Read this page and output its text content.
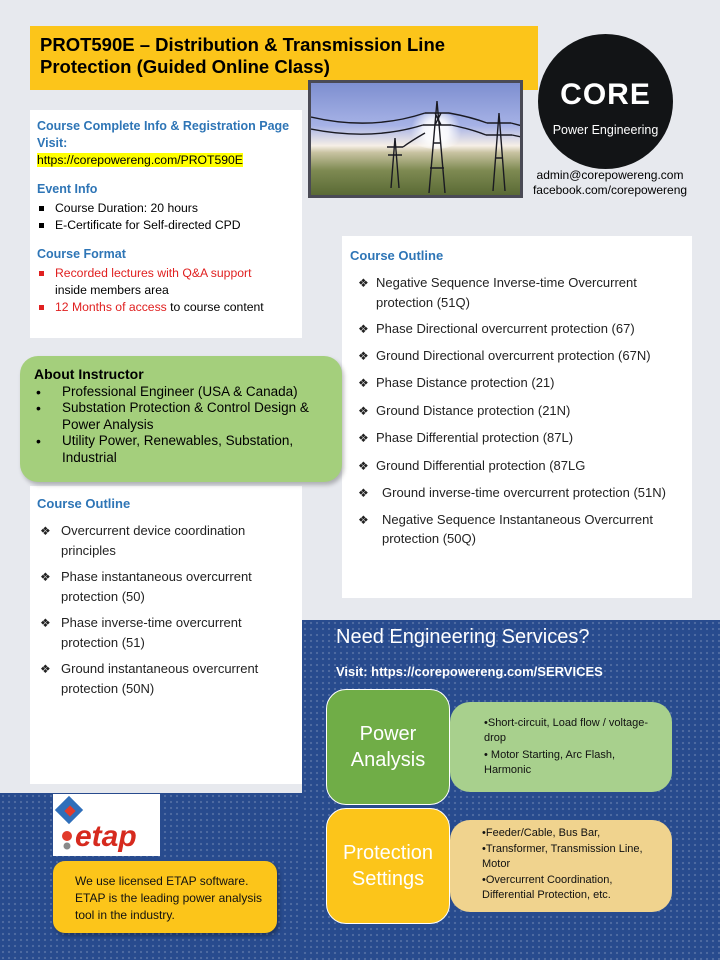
PROT590E – Distribution & Transmission Line
Protection (Guided Online Class)
CORE
Power Engineering
admin@corepowereng.com
facebook.com/corepowereng
Course Complete Info & Registration Page Visit:
https://corepowereng.com/PROT590E
Event Info
Course Duration: 20 hours
E-Certificate for Self-directed CPD
Course Format
Recorded lectures with Q&A support
inside members area
12 Months of access to course content
Course Outline
❖ Negative Sequence Inverse-time Overcurrent protection (51Q)
❖ Phase Directional overcurrent protection (67)
❖ Ground Directional overcurrent protection (67N)
❖ Phase Distance protection (21)
❖ Ground Distance protection (21N)
❖ Phase Differential protection (87L)
❖ Ground Differential protection (87LG
❖ Ground inverse-time overcurrent protection (51N)
❖ Negative Sequence Instantaneous Overcurrent protection (50Q)
Course Outline
❖ Overcurrent device coordination principles
❖ Phase instantaneous overcurrent protection (50)
❖ Phase inverse-time overcurrent protection (51)
❖ Ground instantaneous overcurrent protection (50N)
About Instructor
• Professional Engineer (USA & Canada)
• Substation Protection & Control Design & Power Analysis
• Utility Power, Renewables, Substation, Industrial
Need Engineering Services?
Visit: https://corepowereng.com/SERVICES
•Short-circuit, Load flow / voltage-drop
• Motor Starting, Arc Flash, Harmonic
Power
Analysis
•Feeder/Cable, Bus Bar,
•Transformer, Transmission Line, Motor
•Overcurrent Coordination, Differential Protection, etc.
Protection
Settings
etap
We use licensed ETAP software. ETAP is the leading power analysis tool in the industry.
